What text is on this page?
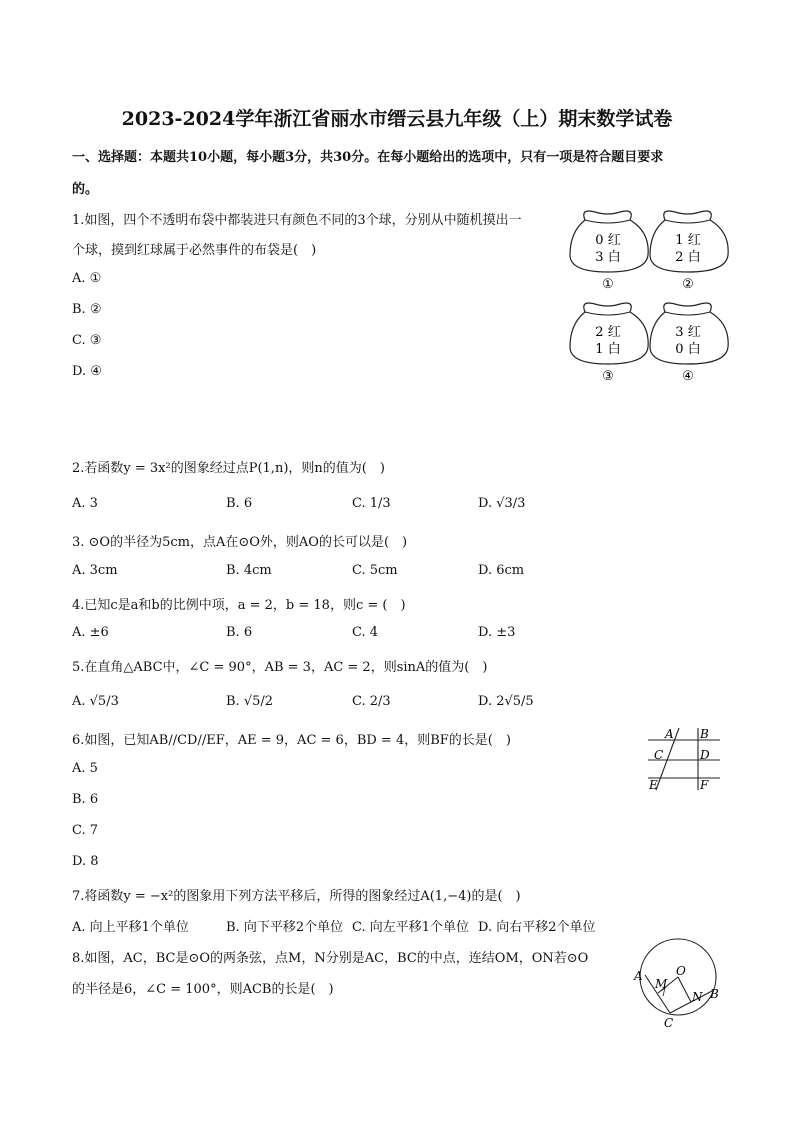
2023-2024学年浙江省丽水市缙云县九年级（上）期末数学试卷
一、选择题：本题共10小题，每小题3分，共30分。在每小题给出的选项中，只有一项是符合题目要求
的。
1.如图，四个不透明布袋中都装进只有颜色不同的3个球，分别从中随机摸出一
个球，摸到红球属于必然事件的布袋是(　)
A. ①
B. ②
C. ③
D. ④
0 红
3 白
①
1 红
2 白
②
2 红
1 白
③
3 红
0 白
④
2.若函数y = 3x²的图象经过点P(1,n)，则n的值为(　)
A. 3	B. 6	C. 1/3	D. √3/3
3. ⊙O的半径为5cm，点A在⊙O外，则AO的长可以是(　)
A. 3cm	B. 4cm	C. 5cm	D. 6cm
4.已知c是a和b的比例中项，a = 2，b = 18，则c = (　)
A. ±6	B. 6	C. 4	D. ±3
5.在直角△ABC中，∠C = 90°，AB = 3，AC = 2，则sinA的值为(　)
A. √5/3	B. √5/2	C. 2/3	D. 2√5/5
6.如图，已知AB//CD//EF，AE = 9，AC = 6，BD = 4，则BF的长是(　)
A. 5
B. 6
C. 7
D. 8
A B
C	D
E	F
7.将函数y = −x²的图象用下列方法平移后，所得的图象经过A(1,−4)的是(　)
A. 向上平移1个单位	B. 向下平移2个单位 C. 向左平移1个单位 D. 向右平移2个单位
8.如图，AC，BC是⊙O的两条弦，点M，N分别是AC，BC的中点，连结OM，ON若⊙O
的半径是6，∠C = 100°，则ACB的长是(　)
A
M
O
N B
C
